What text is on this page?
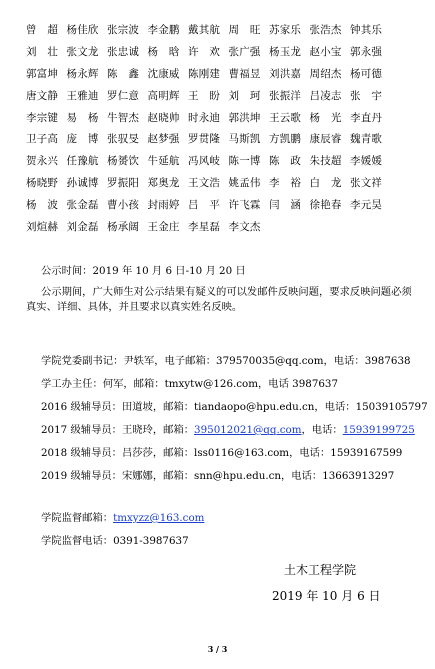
曾　超 杨佳欣 张宗波 李金鹏 戴其航 周　旺 苏家乐 张浩杰 钟其乐
刘　壮 张文龙 张忠诚 杨　晗 许　欢 张广强 杨玉龙 赵小宝 郭永强
郭富坤 杨永辉 陈　鑫 沈康威 陈刚建 曹福昱 刘洪嘉 周绍杰 杨可德
唐文静 王雅迪 罗仁意 高明辉 王　盼 刘　珂 张振洋 吕凌志 张　宇
李宗键 易　杨 牛智杰 赵晓帅 时永迪 郭洪坤 王云歌 杨　光 李直丹
卫子高 庞　博 张驭旻 赵梦强 罗贯隆 马斯凯 方凯鹏 康辰睿 魏青歌
贺永兴 任豫航 杨赟饮 牛延航 冯风岐 陈一博 陈　政 朱技超 李媛媛
杨晓野 孙诚博 罗振阳 郑奥龙 王文浩 姚孟伟 李　裕 白　龙 张文祥
杨　波 张金磊 曹小孩 封雨婷 吕　平 许飞霖 闫　涵 徐艳春 李元昊
刘煊赫 刘金磊 杨承阔 王金庄 李星磊 李文杰
公示时间：2019 年 10 月 6 日-10 月 20 日
公示期间，广大师生对公示结果有疑义的可以发邮件反映问题，要求反映问题必须真实、详细、具体，并且要求以真实姓名反映。
学院党委副书记：尹轶军，电子邮箱：379570035@qq.com，电话：3987638
学工办主任：何军，邮箱：tmxytw@126.com，电话 3987637
2016 级辅导员：田道坡，邮箱：tiandaopo@hpu.edu.cn，电话：15039105797
2017 级辅导员：王晓玲，邮箱：395012021@qq.com，电话：15939199725
2018 级辅导员：吕莎莎，邮箱：lss0116@163.com，电话：15939167599
2019 级辅导员：宋娜娜，邮箱：snn@hpu.edu.cn，电话：13663913297
学院监督邮箱：tmxyzz@163.com
学院监督电话：0391-3987637
土木工程学院
2019 年 10 月 6 日
3 / 3
